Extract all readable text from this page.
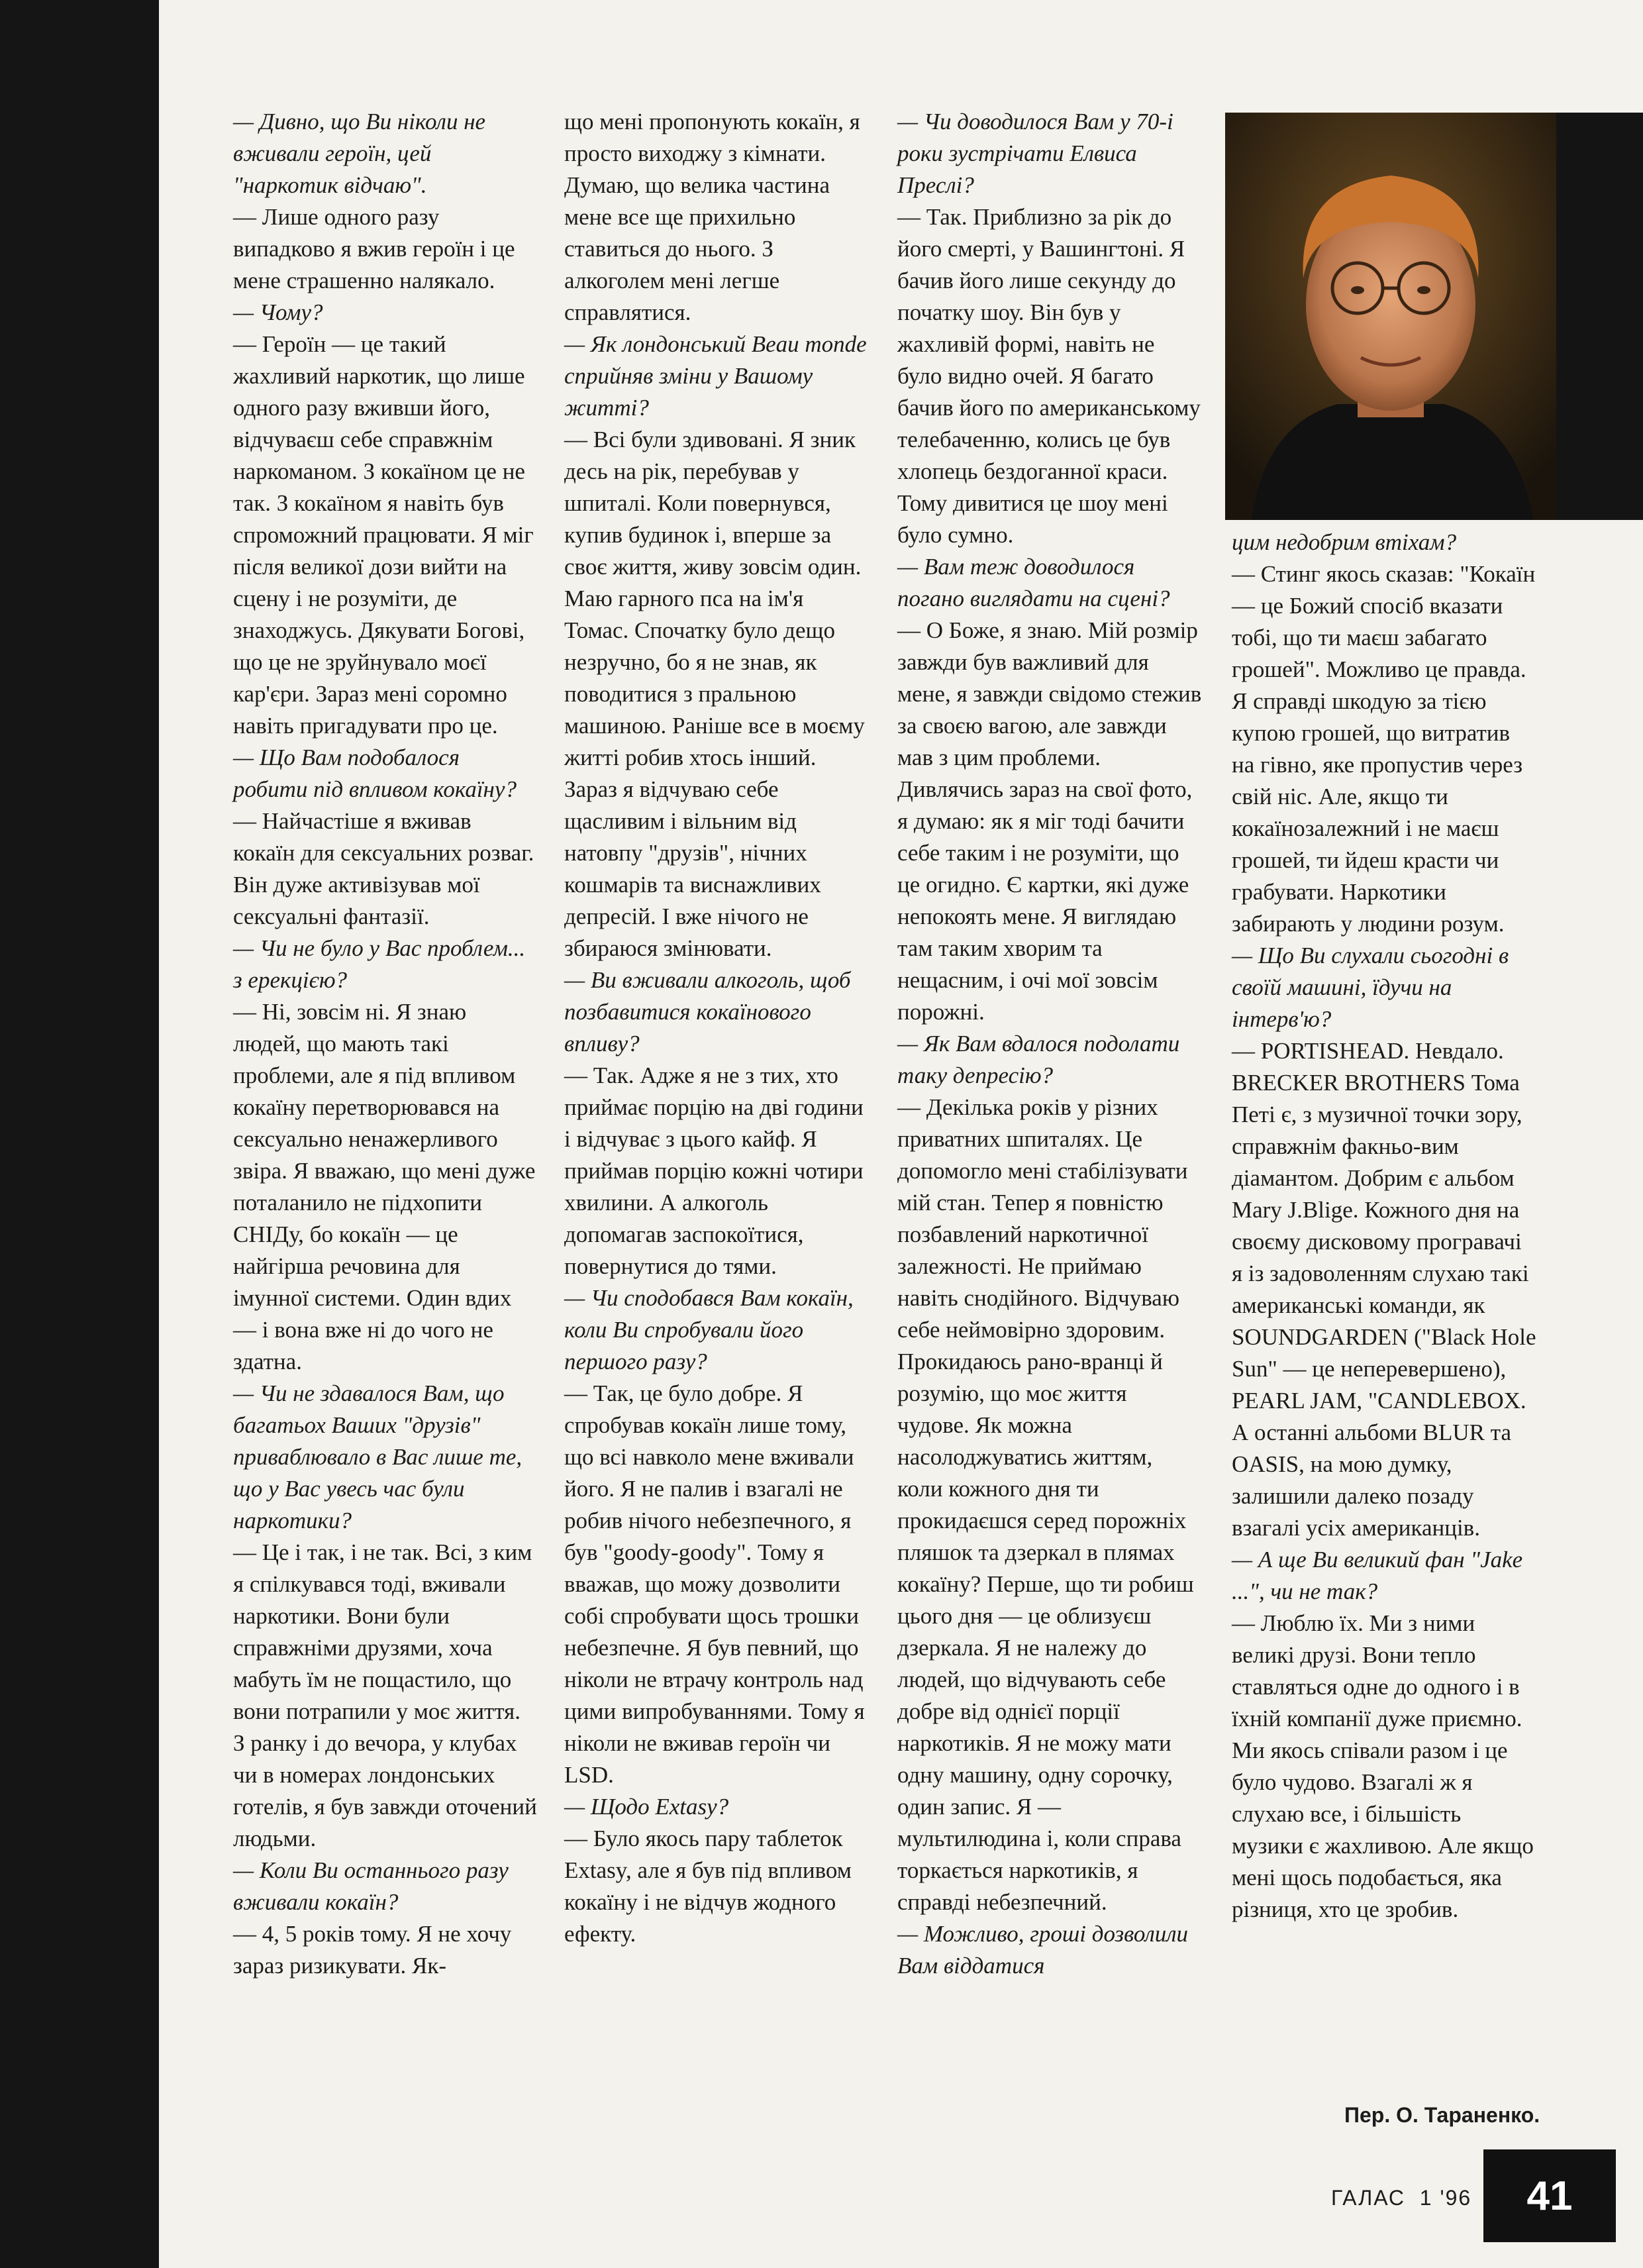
— Дивно, що Ви ніколи не вживали героїн, цей "наркотик відчаю".

— Лише одного разу випадково я вжив героїн і це мене страшенно налякало.

— Чому?

— Героїн — це такий жахливий наркотик, що лише одного разу вживши його, відчуваєш себе справжнім наркоманом. З кокаїном це не так. З кокаїном я навіть був спроможний працювати. Я міг після великої дози вийти на сцену і не розуміти, де знаходжусь. Дякувати Богові, що це не зруйнувало моєї кар'єри. Зараз мені соромно навіть пригадувати про це.

— Що Вам подобалося робити під впливом кокаїну?

— Найчастіше я вживав кокаїн для сексуальних розваг. Він дуже активізував мої сексуальні фантазії.

— Чи не було у Вас проблем... з ерекцією?

— Ні, зовсім ні. Я знаю людей, що мають такі проблеми, але я під впливом кокаїну перетворювався на сексуально ненажерливого звіра. Я вважаю, що мені дуже поталанило не підхопити СНІДу, бо кокаїн — це найгірша речовина для імунної системи. Один вдих — і вона вже ні до чого не здатна.

— Чи не здавалося Вам, що багатьох Ваших "друзів" приваблювало в Вас лише те, що у Вас увесь час були наркотики?

— Це і так, і не так. Всі, з ким я спілкувався тоді, вживали наркотики. Вони були справжніми друзями, хоча мабуть їм не пощастило, що вони потрапили у моє життя. З ранку і до вечора, у клубах чи в номерах лондонських готелів, я був завжди оточений людьми.

— Коли Ви останнього разу вживали кокаїн?

— 4, 5 років тому. Я не хочу зараз ризикувати. Як-

що мені пропонують кокаїн, я просто виходжу з кімнати. Думаю, що велика частина мене все ще прихильно ставиться до нього. З алкоголем мені легше справлятися.

— Як лондонський Beau monde сприйняв зміни у Вашому житті?

— Всі були здивовані. Я зник десь на рік, перебував у шпиталі. Коли повернувся, купив будинок і, вперше за своє життя, живу зовсім один. Маю гарного пса на ім'я Томас. Спочатку було дещо незручно, бо я не знав, як поводитися з пральною машиною. Раніше все в моєму житті робив хтось інший. Зараз я відчуваю себе щасливим і вільним від натовпу "друзів", нічних кошмарів та виснажливих депресій. І вже нічого не збираюся змінювати.

— Ви вживали алкоголь, щоб позбавитися кокаїнового впливу?

— Так. Адже я не з тих, хто приймає порцію на дві години і відчуває з цього кайф. Я приймав порцію кожні чотири хвилини. А алкоголь допомагав заспокоїтися, повернутися до тями.

— Чи сподобався Вам кокаїн, коли Ви спробували його першого разу?

— Так, це було добре. Я спробував кокаїн лише тому, що всі навколо мене вживали його. Я не палив і взагалі не робив нічого небезпечного, я був "goody-goody". Тому я вважав, що можу дозволити собі спробувати щось трошки небезпечне. Я був певний, що ніколи не втрачу контроль над цими випробуваннями. Тому я ніколи не вживав героїн чи LSD.

— Щодо Extasy?

— Було якось пару таблеток Extasy, але я був під впливом кокаїну і не відчув жодного ефекту.

— Чи доводилося Вам у 70-і роки зустрічати Елвиса Преслі?

— Так. Приблизно за рік до його смерті, у Вашингтоні. Я бачив його лише секунду до початку шоу. Він був у жахливій формі, навіть не було видно очей. Я багато бачив його по американському телебаченню, колись це був хлопець бездоганної краси. Тому дивитися це шоу мені було сумно.

— Вам теж доводилося погано виглядати на сцені?

— О Боже, я знаю. Мій розмір завжди був важливий для мене, я завжди свідомо стежив за своєю вагою, але завжди мав з цим проблеми. Дивлячись зараз на свої фото, я думаю: як я міг тоді бачити себе таким і не розуміти, що це огидно. Є картки, які дуже непокоять мене. Я виглядаю там таким хворим та нещасним, і очі мої зовсім порожні.

— Як Вам вдалося подолати таку депресію?

— Декілька років у різних приватних шпиталях. Це допомогло мені стабілізувати мій стан. Тепер я повністю позбавлений наркотичної залежності. Не приймаю навіть снодійного. Відчуваю себе неймовірно здоровим. Прокидаюсь рано-вранці й розумію, що моє життя чудове. Як можна насолоджуватись життям, коли кожного дня ти прокидаєшся серед порожніх пляшок та дзеркал в плямах кокаїну? Перше, що ти робиш цього дня — це облизуєш дзеркала. Я не належу до людей, що відчувають себе добре від однієї порції наркотиків. Я не можу мати одну машину, одну сорочку, один запис. Я — мультилюдина і, коли справа торкається наркотиків, я справді небезпечний.

— Можливо, гроші дозволили Вам віддатися

цим недобрим втіхам?

— Стинг якось сказав: "Кокаїн — це Божий спосіб вказати тобі, що ти маєш забагато грошей". Можливо це правда. Я справді шкодую за тією купою грошей, що витратив на гівно, яке пропустив через свій ніс. Але, якщо ти кокаїнозалежний і не маєш грошей, ти йдеш красти чи грабувати. Наркотики забирають у людини розум.

— Що Ви слухали сьогодні в своїй машині, їдучи на інтерв'ю?

— PORTISHEAD. Невдало. BRECKER BROTHERS Тома Петі є, з музичної точки зору, справжнім факньо-вим діамантом. Добрим є альбом Mary J.Blige. Кожного дня на своєму дисковому програвачі я із задоволенням слухаю такі американські команди, як SOUNDGARDEN ("Black Hole Sun" — це неперевершено), PEARL JAM, "CANDLEBOX. А останні альбоми BLUR та OASIS, на мою думку, залишили далеко позаду взагалі усіх американців.

— А ще Ви великий фан "Jake ...", чи не так?

— Люблю їх. Ми з ними великі друзі. Вони тепло ставляться одне до одного і в їхній компанії дуже приємно. Ми якось співали разом і це було чудово. Взагалі ж я слухаю все, і більшість музики є жахливою. Але якщо мені щось подобається, яка різниця, хто це зробив.

Пер. О. Тараненко.
ГАЛАС 1 '96	41
